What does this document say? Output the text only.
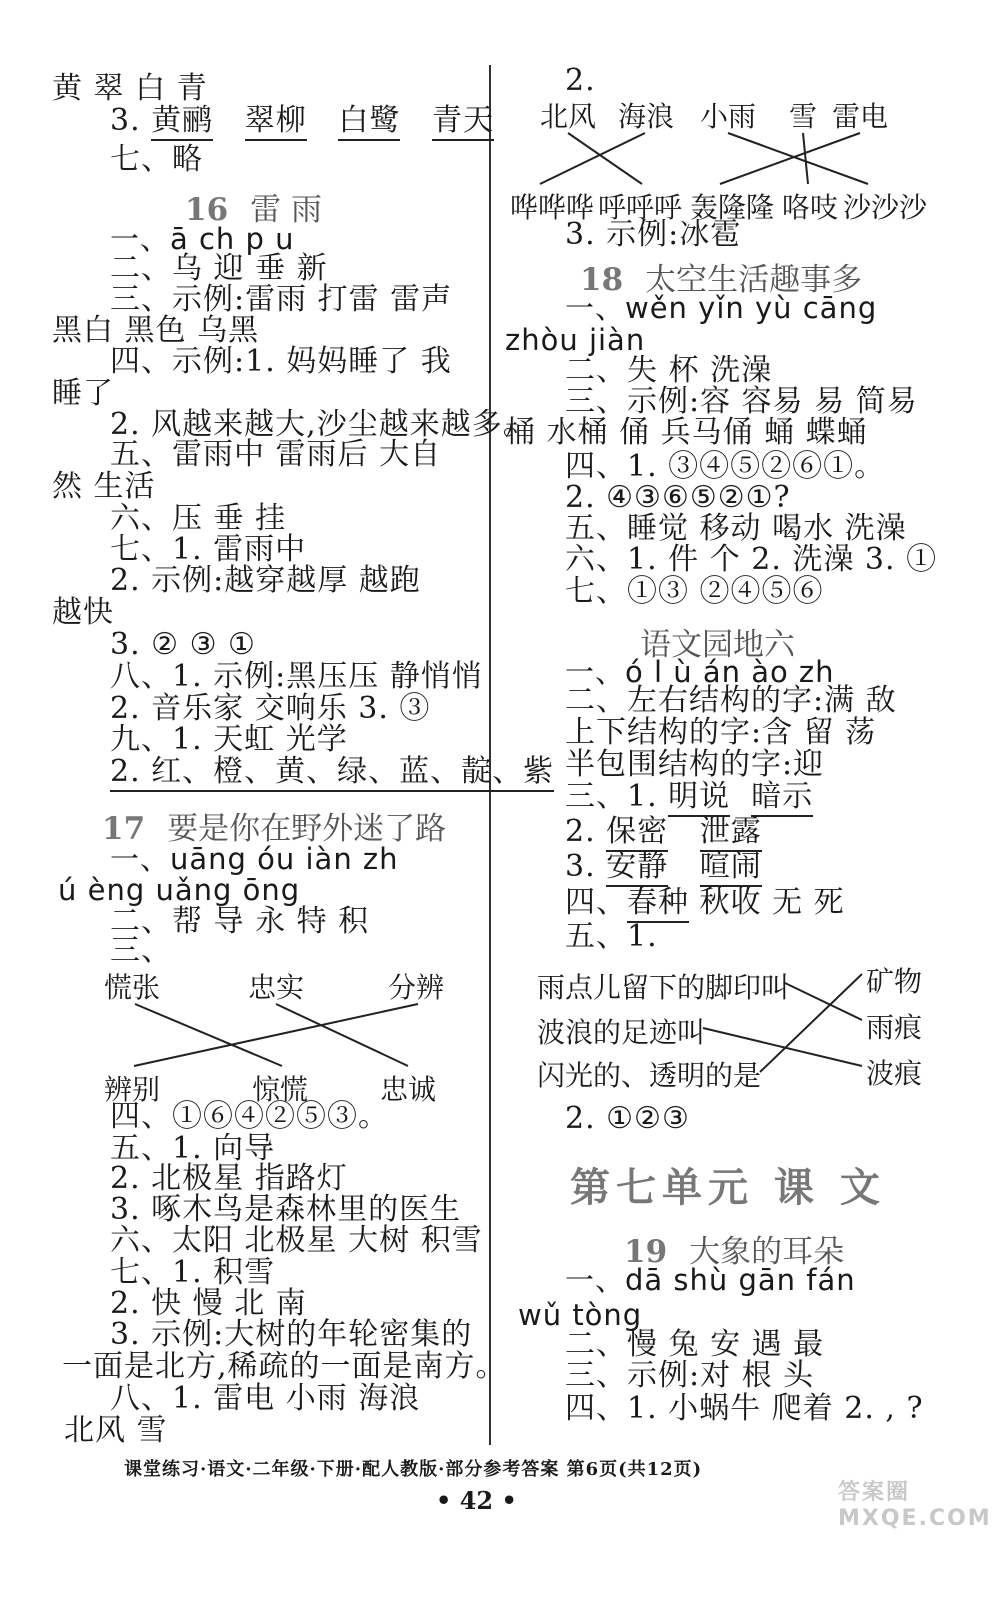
黄 翠 白 青
3. 黄鹂 翠柳 白鹭 青天
七、略
16 雷 雨
一、ā ch p u
二、乌 迎 垂 新
三、示例:雷雨 打雷 雷声
黑白 黑色 乌黑
四、示例:1. 妈妈睡了 我
睡了
2. 风越来越大,沙尘越来越多。
五、雷雨中 雷雨后 大自
然 生活
六、压 垂 挂
七、1. 雷雨中
2. 示例:越穿越厚 越跑
越快
3. ② ③ ①
八、1. 示例:黑压压 静悄悄
2. 音乐家 交响乐 3. ③
九、1. 天虹 光学
2. 红、橙、黄、绿、蓝、靛、紫
17 要是你在野外迷了路
一、uāng óu iàn zh
ú èng uǎng ōng
二、帮 导 永 特 积
三、
慌张	忠实	分辨
辨别	惊慌	忠诚
四、①⑥④②⑤③。
五、1. 向导
2. 北极星 指路灯
3. 啄木鸟是森林里的医生
六、太阳 北极星 大树 积雪
七、1. 积雪
2. 快 慢 北 南
3. 示例:大树的年轮密集的
一面是北方,稀疏的一面是南方。
八、1. 雷电 小雨 海浪
北风 雪
2.
北风 海浪 小雨 雪 雷电
哗哗哗 呼呼呼 轰隆隆 咯吱 沙沙沙
3. 示例:冰雹
18 太空生活趣事多
一、wěn yǐn yù cāng
zhòu jiàn
二、失 杯 洗澡
三、示例:容 容易 易 简易
桶 水桶 俑 兵马俑 蛹 蝶蛹
四、1. ③④⑤②⑥①。
2. ④③⑥⑤②①?
五、睡觉 移动 喝水 洗澡
六、1. 件 个 2. 洗澡 3. ①
七、①③ ②④⑤⑥
语文园地六
一、ó l ù án ào zh
二、左右结构的字:满 敌
上下结构的字:含 留 荡
半包围结构的字:迎
三、1. 明说 暗示
2. 保密 泄露
3. 安静 喧闹
四、春种 秋收 无 死
五、1.
雨点儿留下的脚印叫
波浪的足迹叫
闪光的、透明的是
矿物
雨痕
波痕
2. ①②③
第七单元 课 文
19 大象的耳朵
一、dā shù gān fán
wǔ tòng
二、慢 兔 安 遇 最
三、示例:对 根 头
四、1. 小蜗牛 爬着 2. , ?
课堂练习·语文·二年级·下册·配人教版·部分参考答案 第6页(共12页)
• 42 •	答案圈 MXQE.COM
